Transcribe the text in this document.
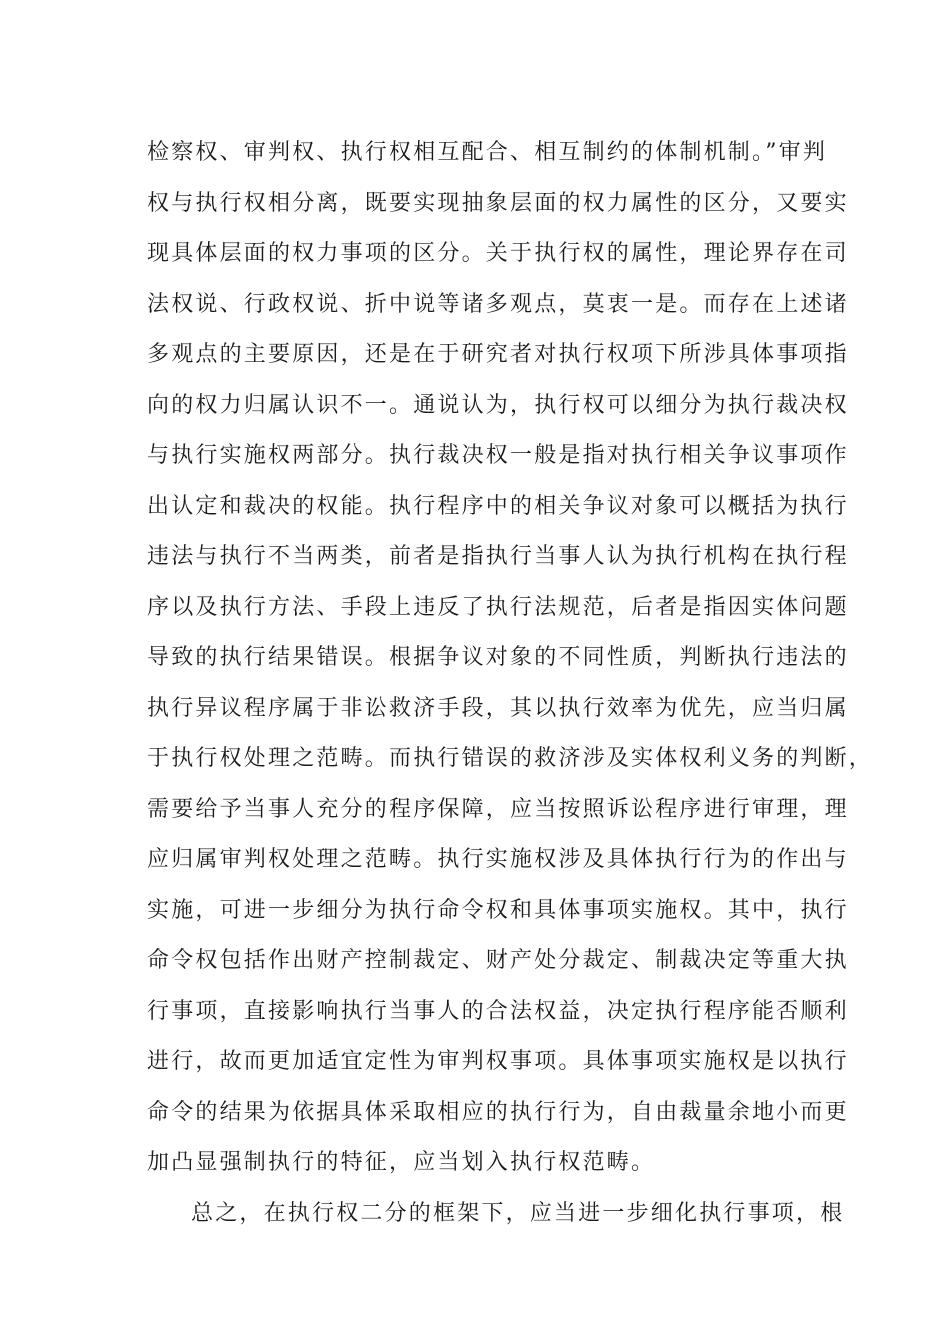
检察权、审判权、执行权相互配合、相互制约的体制机制。”审判
权与执行权相分离，既要实现抽象层面的权力属性的区分，又要实
现具体层面的权力事项的区分。关于执行权的属性，理论界存在司
法权说、行政权说、折中说等诸多观点，莫衷一是。而存在上述诸
多观点的主要原因，还是在于研究者对执行权项下所涉具体事项指
向的权力归属认识不一。通说认为，执行权可以细分为执行裁决权
与执行实施权两部分。执行裁决权一般是指对执行相关争议事项作
出认定和裁决的权能。执行程序中的相关争议对象可以概括为执行
违法与执行不当两类，前者是指执行当事人认为执行机构在执行程
序以及执行方法、手段上违反了执行法规范，后者是指因实体问题
导致的执行结果错误。根据争议对象的不同性质，判断执行违法的
执行异议程序属于非讼救济手段，其以执行效率为优先，应当归属
于执行权处理之范畴。而执行错误的救济涉及实体权利义务的判断，
需要给予当事人充分的程序保障，应当按照诉讼程序进行审理，理
应归属审判权处理之范畴。执行实施权涉及具体执行行为的作出与
实施，可进一步细分为执行命令权和具体事项实施权。其中，执行
命令权包括作出财产控制裁定、财产处分裁定、制裁决定等重大执
行事项，直接影响执行当事人的合法权益，决定执行程序能否顺利
进行，故而更加适宜定性为审判权事项。具体事项实施权是以执行
命令的结果为依据具体采取相应的执行行为，自由裁量余地小而更
加凸显强制执行的特征，应当划入执行权范畴。
总之，在执行权二分的框架下，应当进一步细化执行事项，根
